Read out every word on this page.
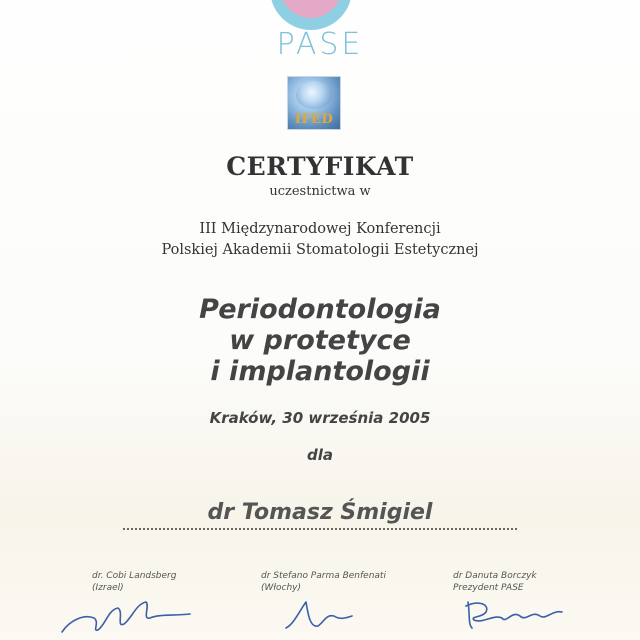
PASE
IFED
CERTYFIKAT
uczestnictwa w
III Międzynarodowej Konferencji
Polskiej Akademii Stomatologii Estetycznej
Periodontologia
w protetyce
i implantologii
Kraków, 30 września 2005
dla
dr Tomasz Śmigiel
dr. Cobi Landsberg
(Izrael)
dr Stefano Parma Benfenati
(Włochy)
dr Danuta Borczyk
Prezydent PASE
